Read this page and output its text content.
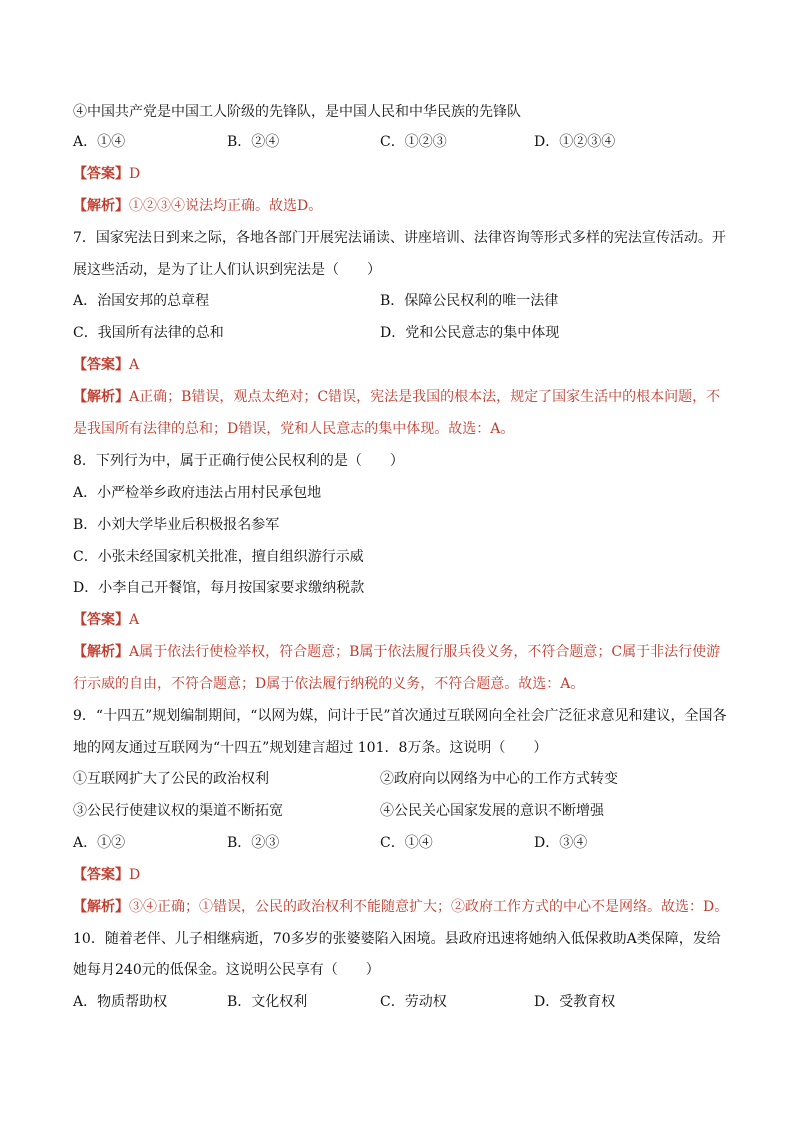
④中国共产党是中国工人阶级的先锋队，是中国人民和中华民族的先锋队
A．①④	B．②④	C．①②③	D．①②③④
【答案】D
【解析】①②③④说法均正确。故选D。
7．国家宪法日到来之际，各地各部门开展宪法诵读、讲座培训、法律咨询等形式多样的宪法宣传活动。开
展这些活动，是为了让人们认识到宪法是（　　）
A．治国安邦的总章程	B．保障公民权利的唯一法律
C．我国所有法律的总和	D．党和公民意志的集中体现
【答案】A
【解析】A正确；B错误，观点太绝对；C错误，宪法是我国的根本法，规定了国家生活中的根本问题，不
是我国所有法律的总和；D错误，党和人民意志的集中体现。故选：A。
8．下列行为中，属于正确行使公民权利的是（　　）
A．小严检举乡政府违法占用村民承包地
B．小刘大学毕业后积极报名参军
C．小张未经国家机关批准，擅自组织游行示威
D．小李自己开餐馆，每月按国家要求缴纳税款
【答案】A
【解析】A属于依法行使检举权，符合题意；B属于依法履行服兵役义务，不符合题意；C属于非法行使游
行示威的自由，不符合题意；D属于依法履行纳税的义务，不符合题意。故选：A。
9．“十四五”规划编制期间，“以网为媒，问计于民”首次通过互联网向全社会广泛征求意见和建议，全国各
地的网友通过互联网为“十四五”规划建言超过 101．8万条。这说明（　　）
①互联网扩大了公民的政治权利	②政府向以网络为中心的工作方式转变
③公民行使建议权的渠道不断拓宽	④公民关心国家发展的意识不断增强
A．①②	B．②③	C．①④	D．③④
【答案】D
【解析】③④正确；①错误，公民的政治权利不能随意扩大；②政府工作方式的中心不是网络。故选：D。
10．随着老伴、儿子相继病逝，70多岁的张婆婆陷入困境。县政府迅速将她纳入低保救助A类保障，发给
她每月240元的低保金。这说明公民享有（　　）
A．物质帮助权	B．文化权利	C．劳动权	D．受教育权
